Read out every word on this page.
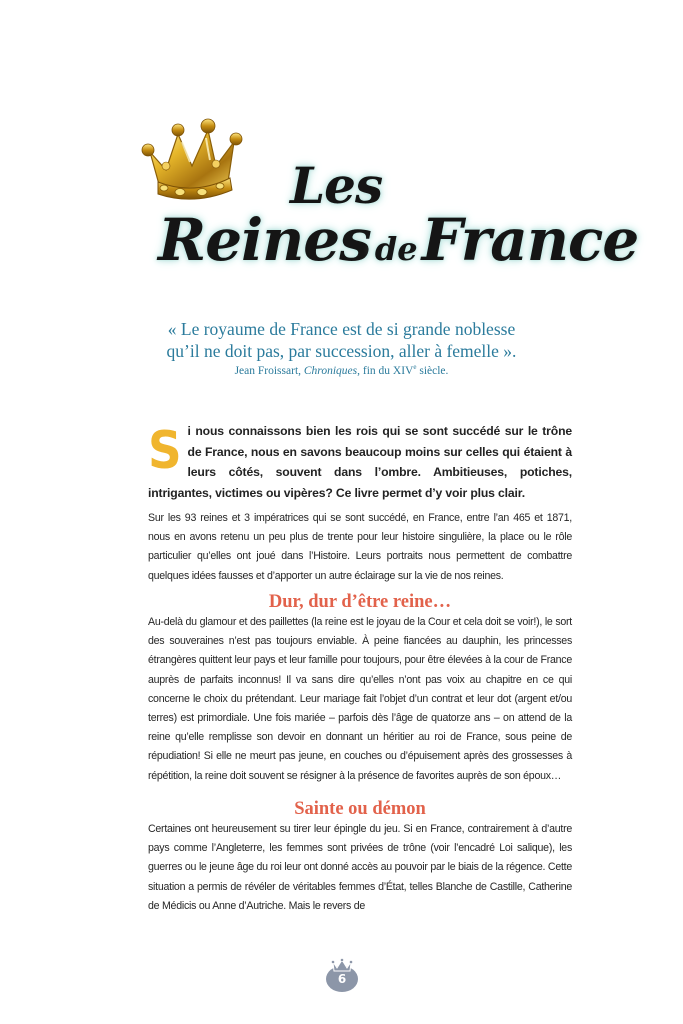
Les
Reines deFrance
« Le royaume de France est de si grande noblesse
qu’il ne doit pas, par succession, aller à femelle ».
Jean Froissart, Chroniques, fin du XIVe siècle.
Si nous connaissons bien les rois qui se sont succédé sur le trône de France, nous en savons beaucoup moins sur celles qui étaient à leurs côtés, souvent dans l’ombre. Ambitieuses, potiches, intrigantes, victimes ou vipères? Ce livre permet d’y voir plus clair.
Sur les 93 reines et 3 impératrices qui se sont succédé, en France, entre l’an 465 et 1871, nous en avons retenu un peu plus de trente pour leur histoire singulière, la place ou le rôle particulier qu’elles ont joué dans l’Histoire. Leurs portraits nous permettent de combattre quelques idées fausses et d’apporter un autre éclairage sur la vie de nos reines.
Dur, dur d’être reine…
Au-delà du glamour et des paillettes (la reine est le joyau de la Cour et cela doit se voir!), le sort des souveraines n’est pas toujours enviable. À peine fiancées au dauphin, les princesses étrangères quittent leur pays et leur famille pour toujours, pour être élevées à la cour de France auprès de parfaits inconnus! Il va sans dire qu’elles n’ont pas voix au chapitre en ce qui concerne le choix du prétendant. Leur mariage fait l’objet d’un contrat et leur dot (argent et/ou terres) est primordiale. Une fois mariée – parfois dès l’âge de quatorze ans – on attend de la reine qu’elle remplisse son devoir en donnant un héritier au roi de France, sous peine de répudiation! Si elle ne meurt pas jeune, en couches ou d’épuisement après des grossesses à répétition, la reine doit souvent se résigner à la présence de favorites auprès de son époux…
Sainte ou démon
Certaines ont heureusement su tirer leur épingle du jeu. Si en France, contrairement à d’autre pays comme l’Angleterre, les femmes sont privées de trône (voir l’encadré Loi salique), les guerres ou le jeune âge du roi leur ont donné accès au pouvoir par le biais de la régence. Cette situation a permis de révéler de véritables femmes d’État, telles Blanche de Castille, Catherine de Médicis ou Anne d’Autriche. Mais le revers de
6
